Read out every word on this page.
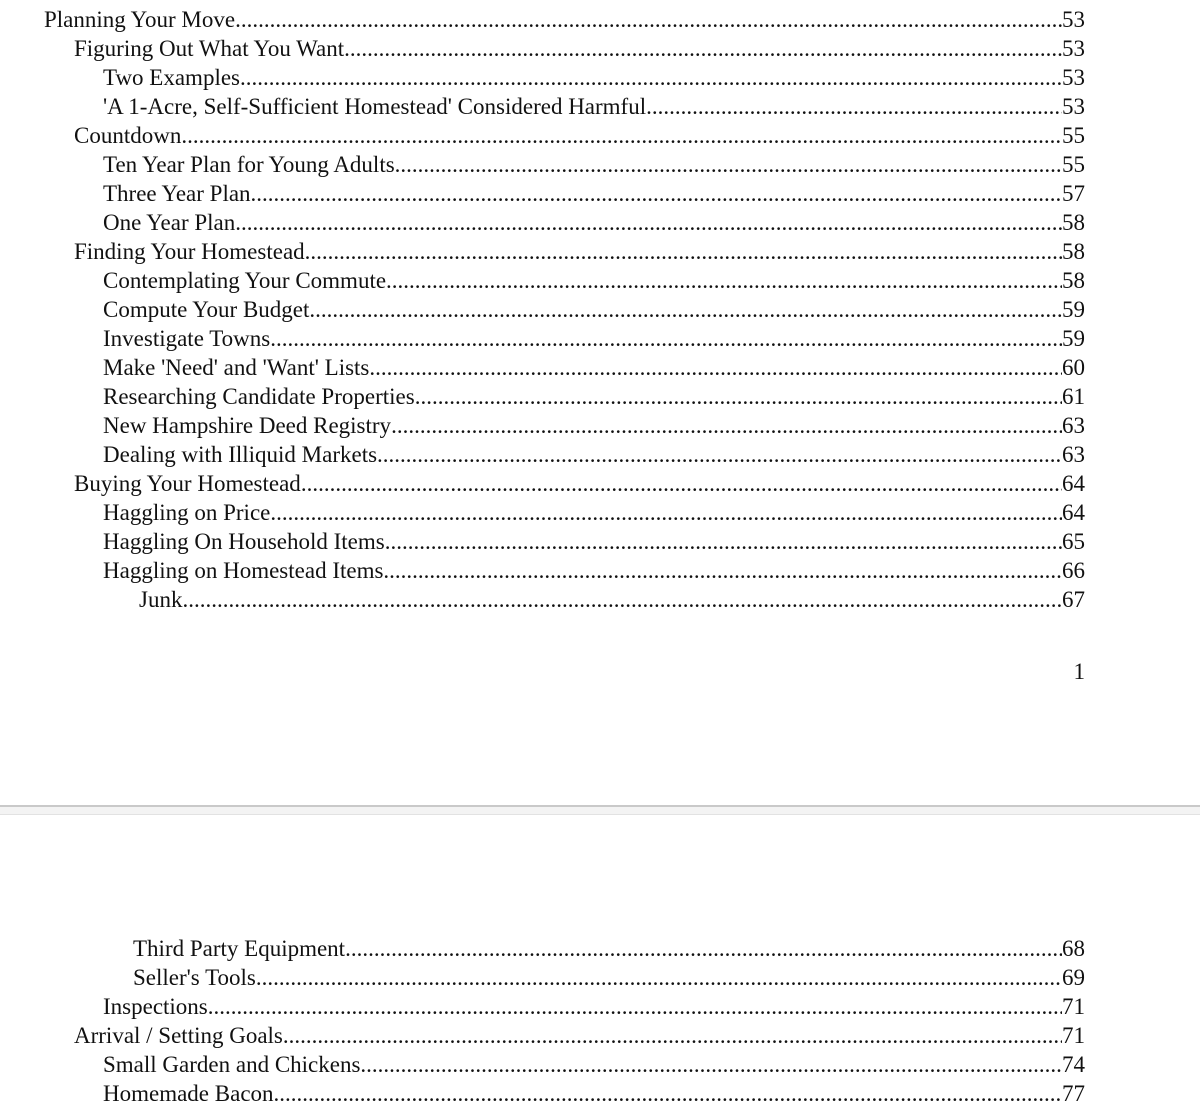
Planning Your Move .....	53
Figuring Out What You Want .....	53
Two Examples .....	53
'A 1-Acre, Self-Sufficient Homestead' Considered Harmful .....	53
Countdown .....	55
Ten Year Plan for Young Adults .....	55
Three Year Plan .....	57
One Year Plan .....	58
Finding Your Homestead .....	58
Contemplating Your Commute .....	58
Compute Your Budget .....	59
Investigate Towns .....	59
Make 'Need' and 'Want' Lists .....	60
Researching Candidate Properties .....	61
New Hampshire Deed Registry .....	63
Dealing with Illiquid Markets .....	63
Buying Your Homestead .....	64
Haggling on Price .....	64
Haggling On Household Items .....	65
Haggling on Homestead Items .....	66
Junk .....	67
1
Third Party Equipment .....	68
Seller's Tools .....	69
Inspections .....	71
Arrival / Setting Goals .....	71
Small Garden and Chickens .....	74
Homemade Bacon .....	77
